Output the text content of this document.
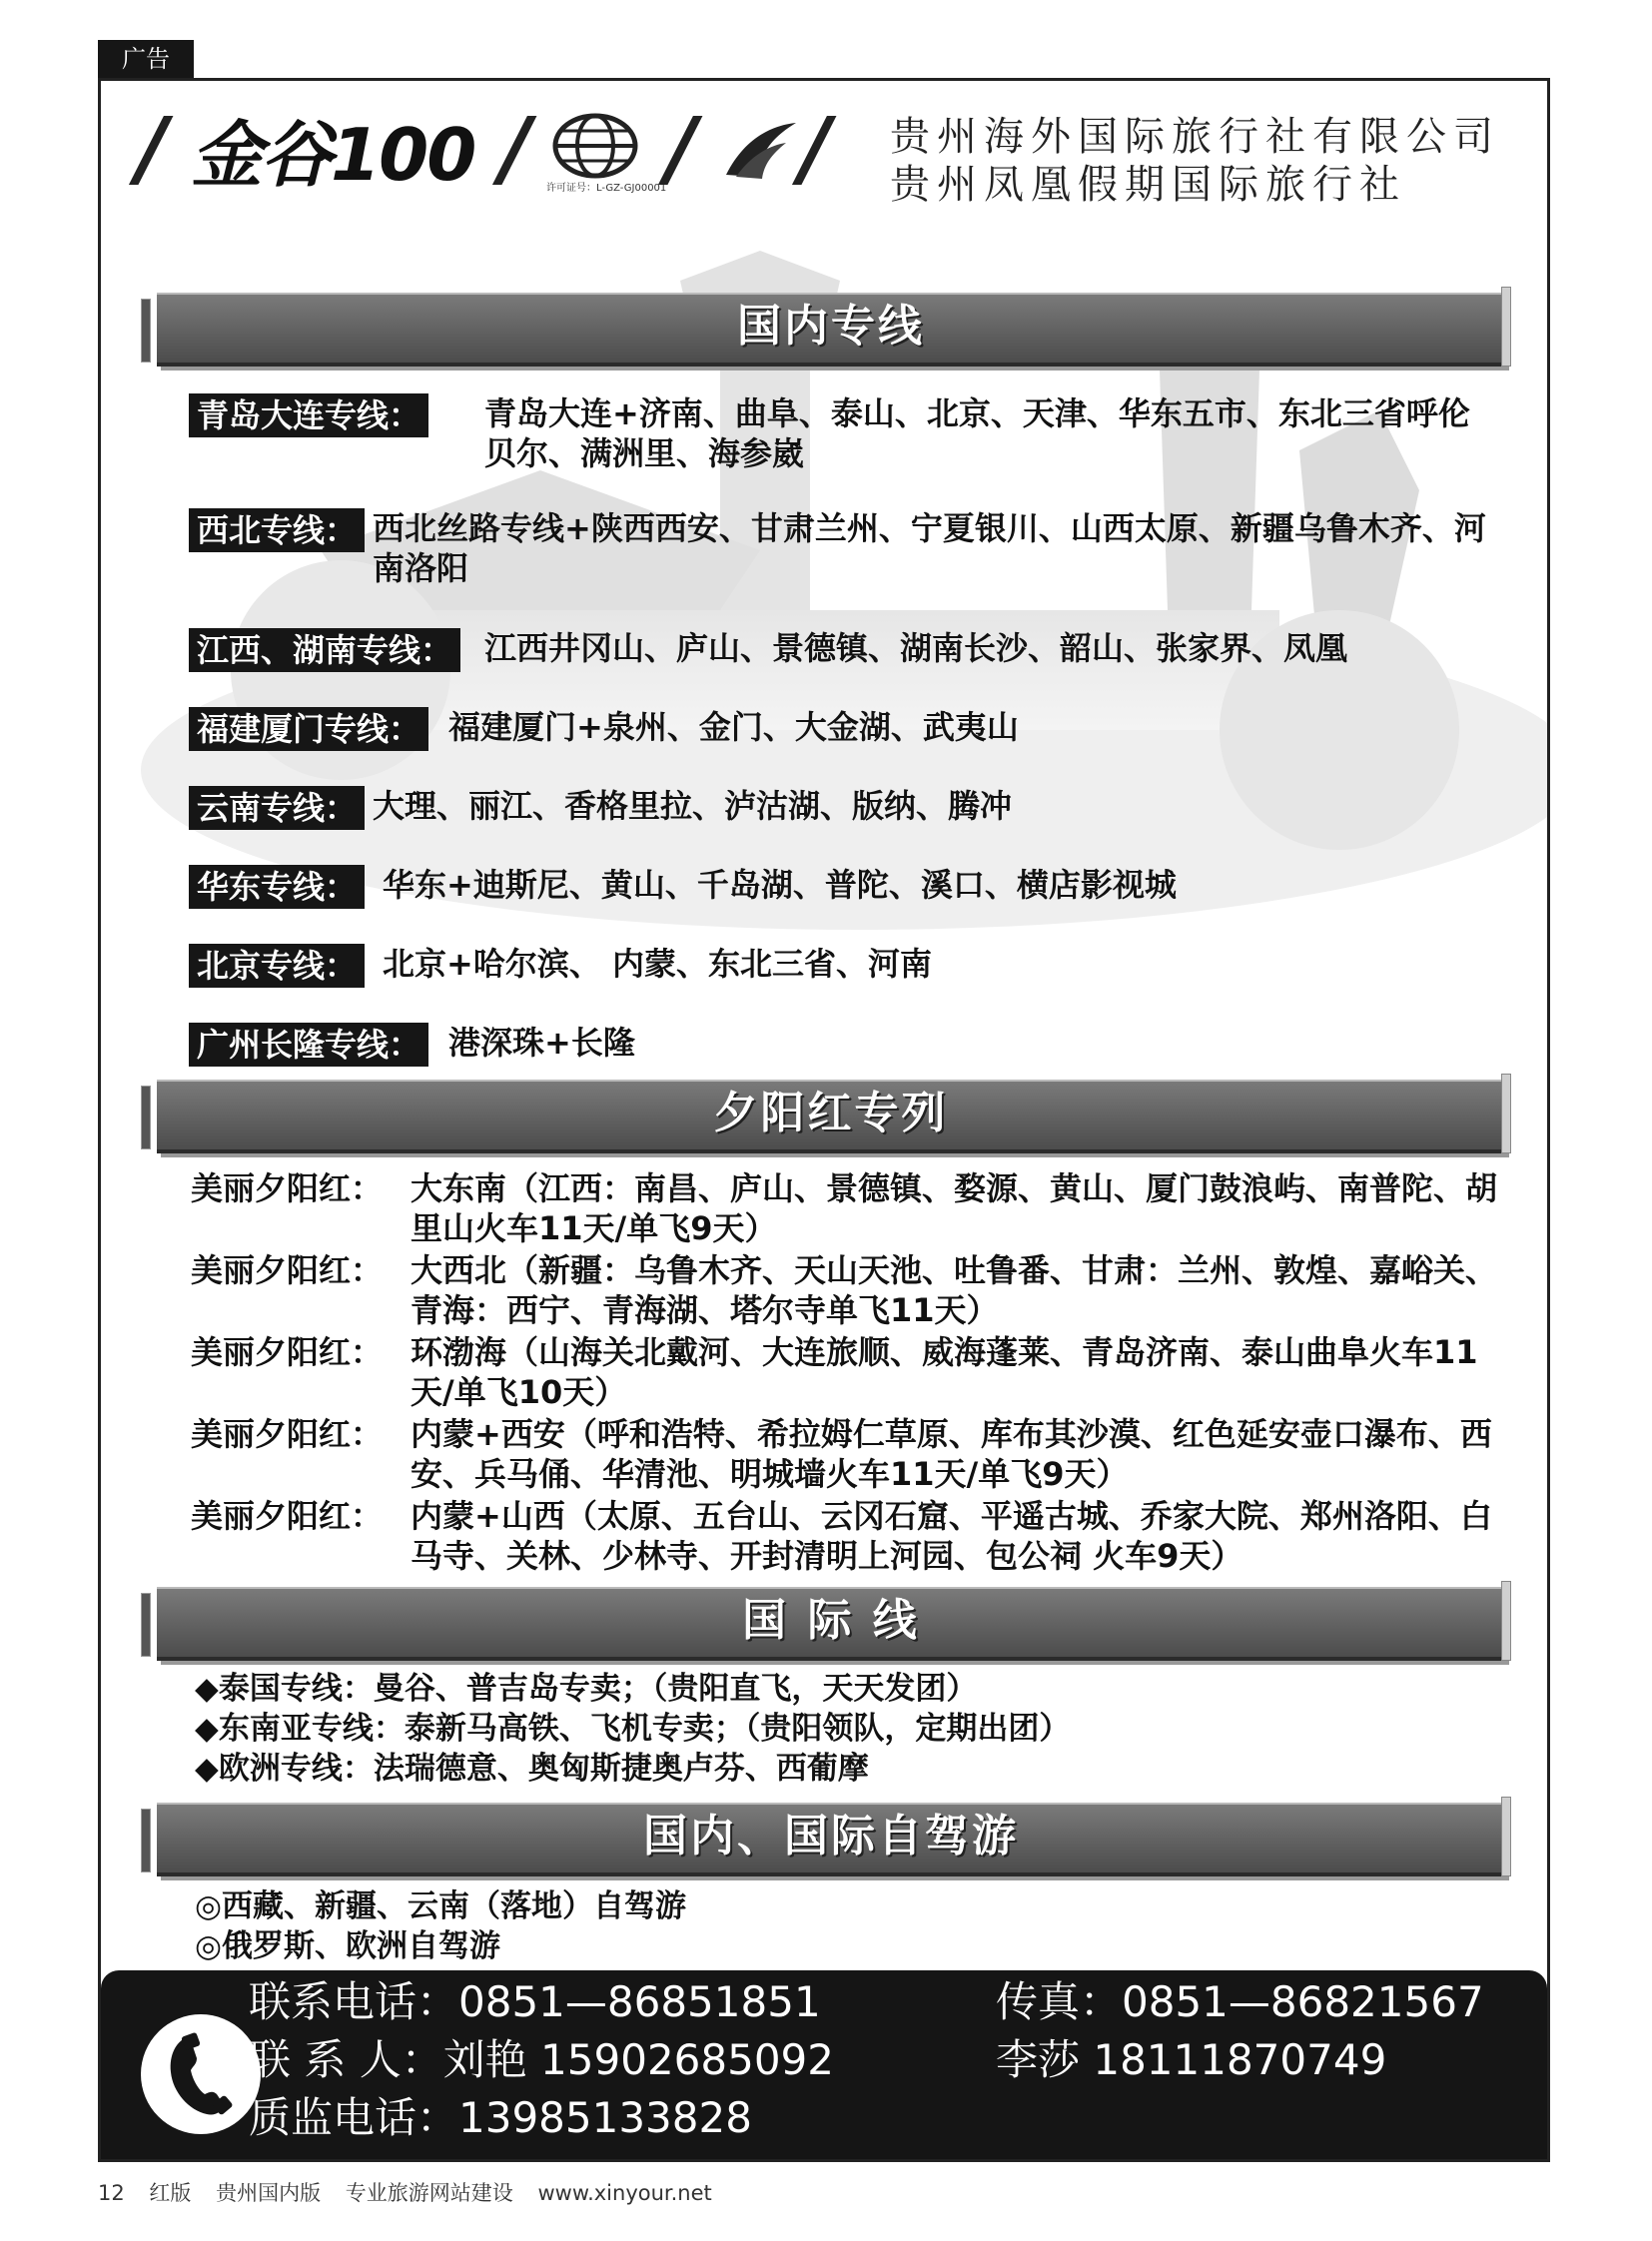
广告
/ 金谷100 / 许可证号：L-GZ-GJ00001 / / 贵州海外国际旅行社有限公司
贵州凤凰假期国际旅行社
国内专线
青岛大连专线： 青岛大连+济南、曲阜、泰山、北京、天津、华东五市、东北三省呼伦贝尔、满洲里、海参崴
西北专线： 西北丝路专线+陕西西安、甘肃兰州、宁夏银川、山西太原、新疆乌鲁木齐、河南洛阳
江西、湖南专线： 江西井冈山、庐山、景德镇、湖南长沙、韶山、张家界、凤凰
福建厦门专线： 福建厦门+泉州、金门、大金湖、武夷山
云南专线： 大理、丽江、香格里拉、泸沽湖、版纳、腾冲
华东专线： 华东+迪斯尼、黄山、千岛湖、普陀、溪口、横店影视城
北京专线： 北京+哈尔滨、 内蒙、东北三省、河南
广州长隆专线： 港深珠+长隆
夕阳红专列
美丽夕阳红： 大东南（江西：南昌、庐山、景德镇、婺源、黄山、厦门鼓浪屿、南普陀、胡里山火车11天/单飞9天）
美丽夕阳红： 大西北（新疆：乌鲁木齐、天山天池、吐鲁番、甘肃：兰州、敦煌、嘉峪关、青海：西宁、青海湖、塔尔寺单飞11天）
美丽夕阳红： 环渤海（山海关北戴河、大连旅顺、威海蓬莱、青岛济南、泰山曲阜火车11天/单飞10天）
美丽夕阳红： 内蒙+西安（呼和浩特、希拉姆仁草原、库布其沙漠、红色延安壶口瀑布、西安、兵马俑、华清池、明城墙火车11天/单飞9天）
美丽夕阳红： 内蒙+山西（太原、五台山、云冈石窟、平遥古城、乔家大院、郑州洛阳、白马寺、关林、少林寺、开封清明上河园、包公祠 火车9天）
国 际 线
◆泰国专线：曼谷、普吉岛专卖；（贵阳直飞，天天发团）
◆东南亚专线：泰新马高铁、飞机专卖；（贵阳领队，定期出团）
◆欧洲专线：法瑞德意、奥匈斯捷奥卢芬、西葡摩
国内、国际自驾游
◎西藏、新疆、云南（落地）自驾游
◎俄罗斯、欧洲自驾游
联系电话：0851—86851851	传真：0851—86821567
联 系 人：刘艳 15902685092	李莎 18111870749
质监电话：13985133828
12 红版 贵州国内版 专业旅游网站建设 www.xinyour.net
